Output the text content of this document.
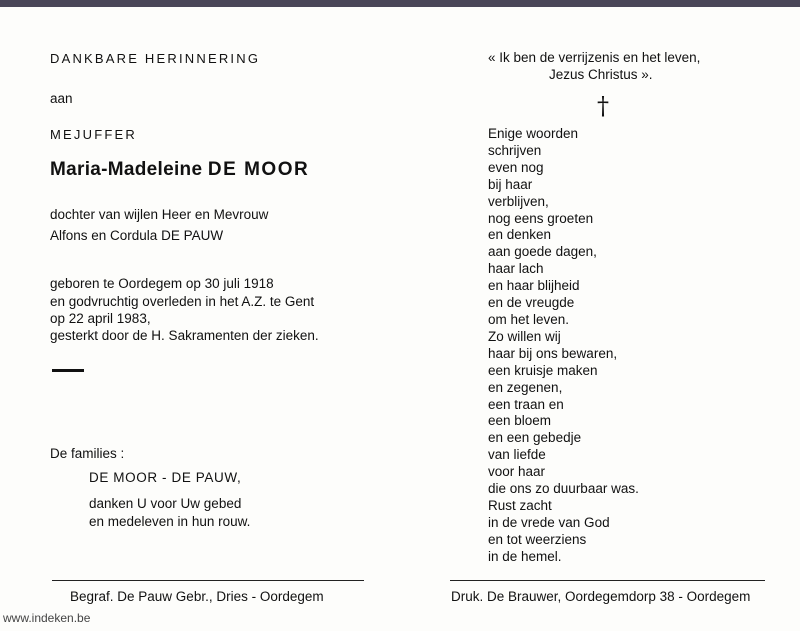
DANKBARE HERINNERING
aan
MEJUFFER
Maria-Madeleine DE MOOR
dochter van wijlen Heer en Mevrouw
Alfons en Cordula DE PAUW
geboren te Oordegem op 30 juli 1918
en godvruchtig overleden in het A.Z. te Gent
op 22 april 1983,
gesterkt door de H. Sakramenten der zieken.
De families :
DE MOOR - DE PAUW,
danken U voor Uw gebed
en medeleven in hun rouw.
Begraf. De Pauw Gebr., Dries - Oordegem
« Ik ben de verrijzenis en het leven,
Jezus Christus ».
†
Enige woorden
schrijven
even nog
bij haar
verblijven,
nog eens groeten
en denken
aan goede dagen,
haar lach
en haar blijheid
en de vreugde
om het leven.
Zo willen wij
haar bij ons bewaren,
een kruisje maken
en zegenen,
een traan en
een bloem
en een gebedje
van liefde
voor haar
die ons zo duurbaar was.
Rust zacht
in de vrede van God
en tot weerziens
in de hemel.
Druk. De Brauwer, Oordegemdorp 38 - Oordegem
www.indeken.be
